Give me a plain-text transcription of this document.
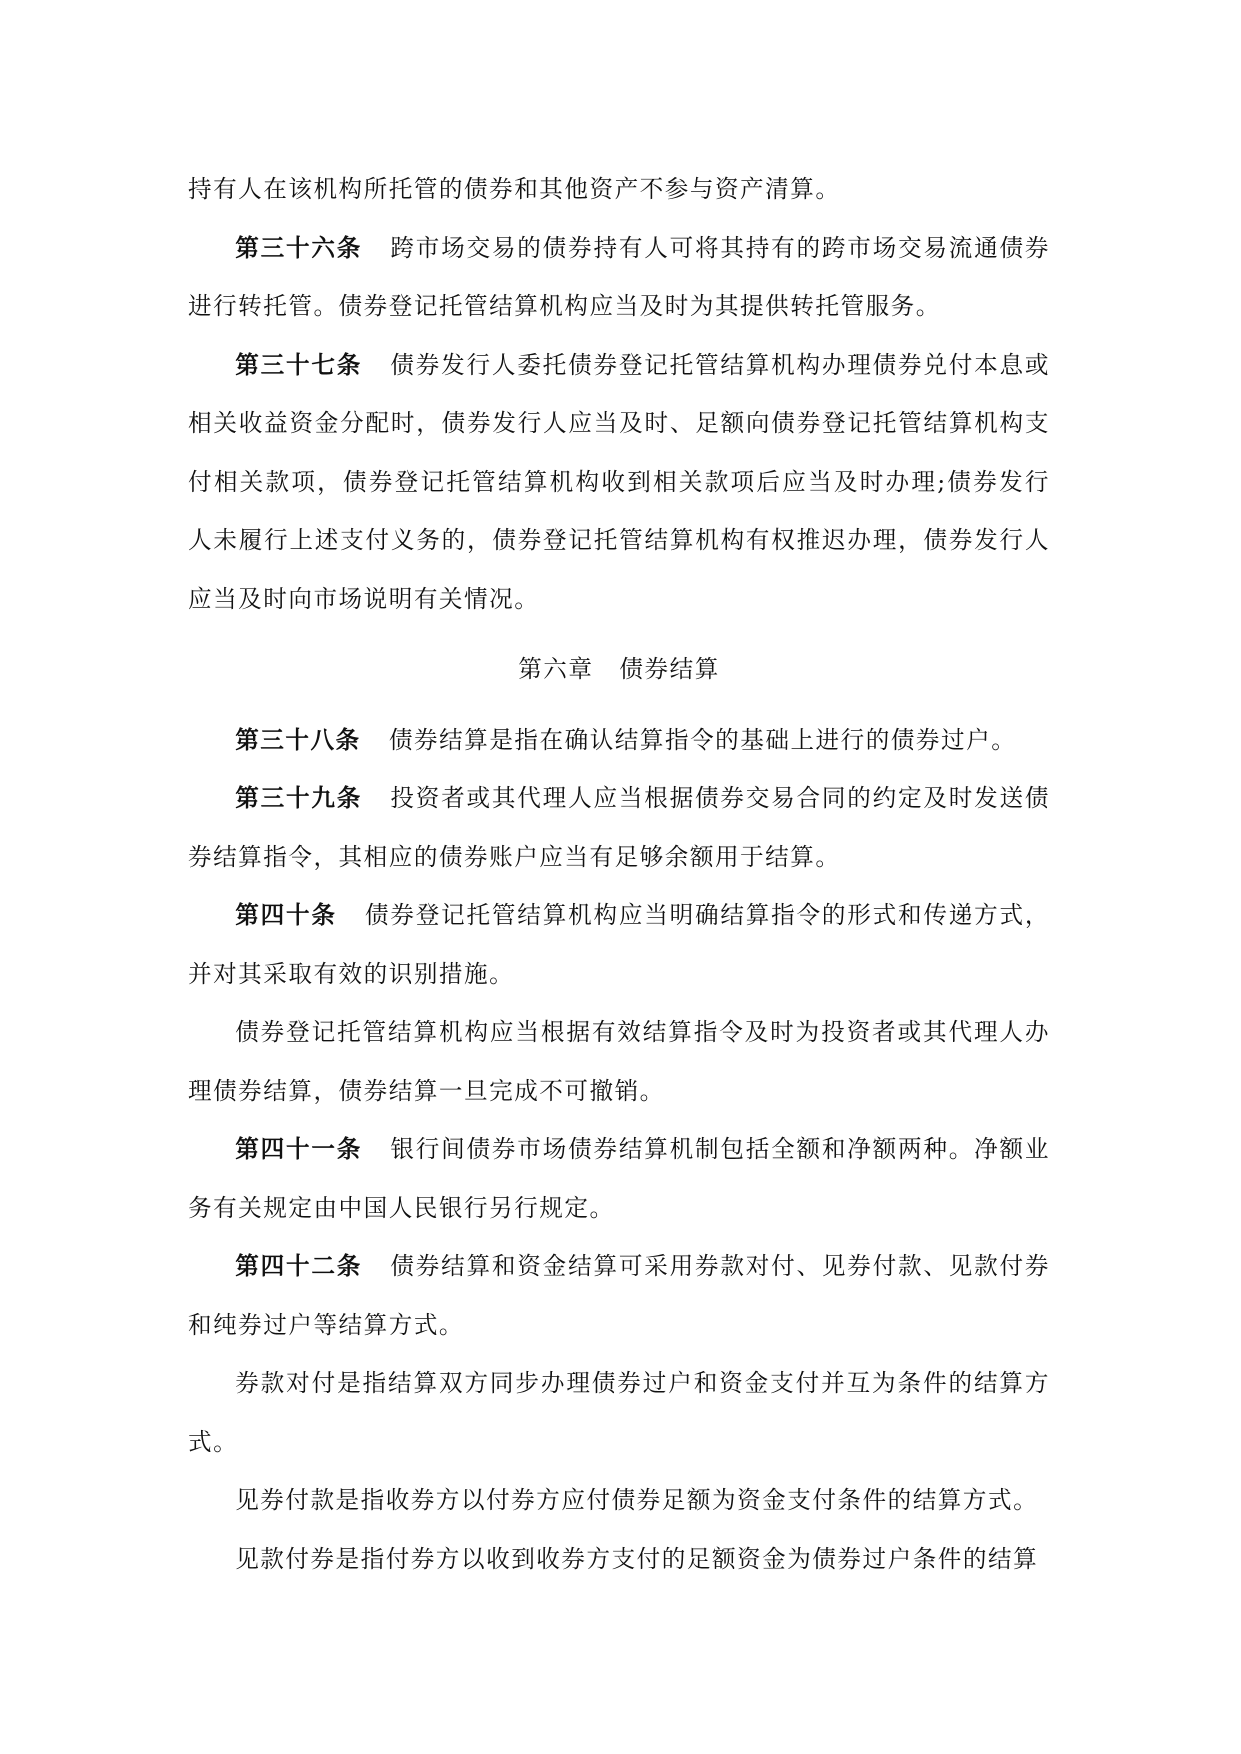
持有人在该机构所托管的债券和其他资产不参与资产清算。

第三十六条 跨市场交易的债券持有人可将其持有的跨市场交易流通债券进行转托管。债券登记托管结算机构应当及时为其提供转托管服务。

第三十七条 债券发行人委托债券登记托管结算机构办理债券兑付本息或相关收益资金分配时，债券发行人应当及时、足额向债券登记托管结算机构支付相关款项，债券登记托管结算机构收到相关款项后应当及时办理;债券发行人未履行上述支付义务的，债券登记托管结算机构有权推迟办理，债券发行人应当及时向市场说明有关情况。

第六章 债券结算

第三十八条 债券结算是指在确认结算指令的基础上进行的债券过户。

第三十九条 投资者或其代理人应当根据债券交易合同的约定及时发送债券结算指令，其相应的债券账户应当有足够余额用于结算。

第四十条 债券登记托管结算机构应当明确结算指令的形式和传递方式，并对其采取有效的识别措施。

债券登记托管结算机构应当根据有效结算指令及时为投资者或其代理人办理债券结算，债券结算一旦完成不可撤销。

第四十一条 银行间债券市场债券结算机制包括全额和净额两种。净额业务有关规定由中国人民银行另行规定。

第四十二条 债券结算和资金结算可采用券款对付、见券付款、见款付券和纯券过户等结算方式。

券款对付是指结算双方同步办理债券过户和资金支付并互为条件的结算方式。

见券付款是指收券方以付券方应付债券足额为资金支付条件的结算方式。

见款付券是指付券方以收到收券方支付的足额资金为债券过户条件的结算
